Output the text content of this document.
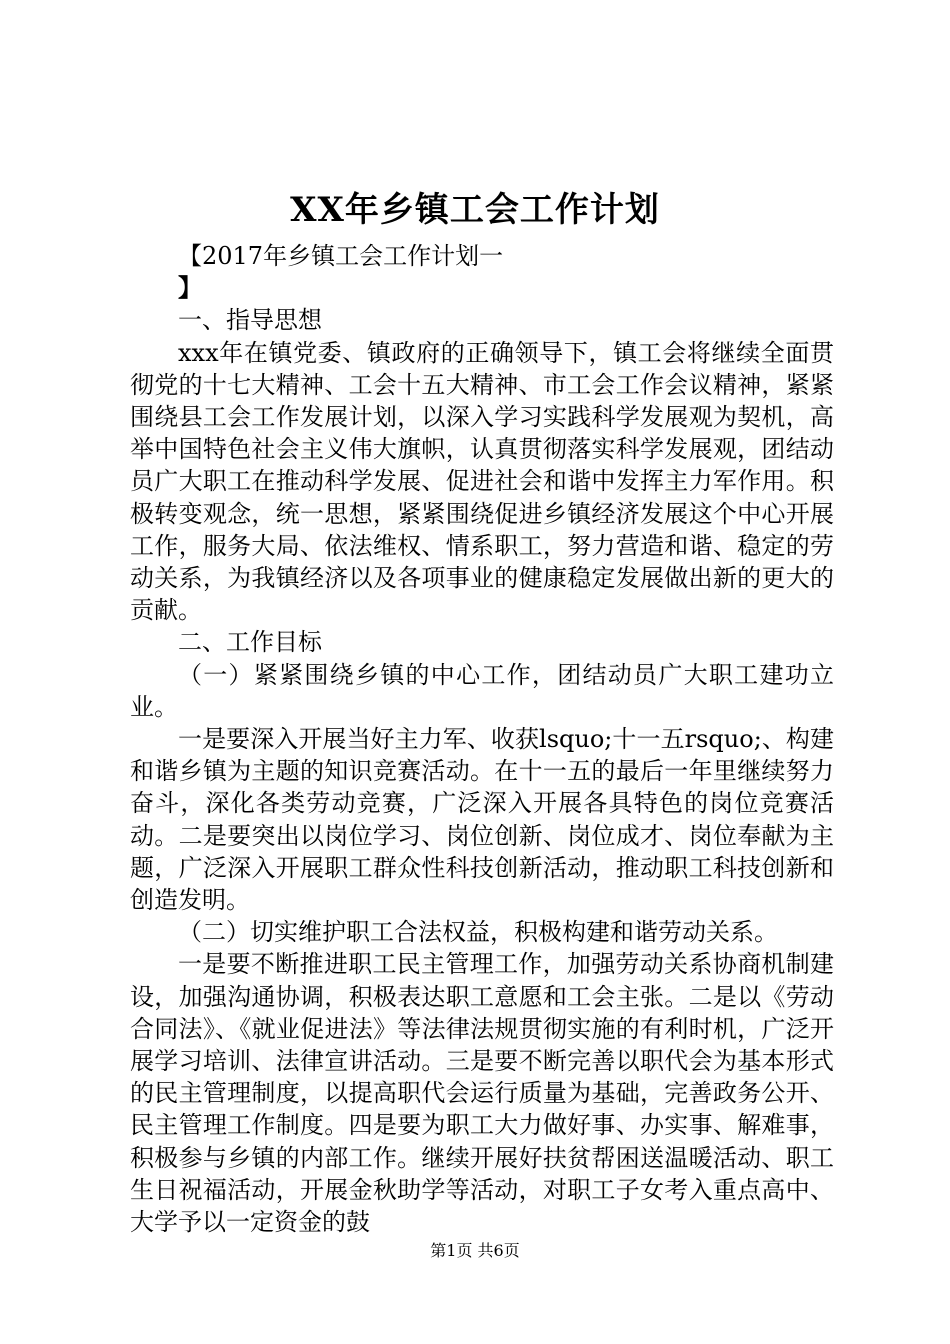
XX年乡镇工会工作计划

【2017年乡镇工会工作计划一

】

一、指导思想

xxx年在镇党委、镇政府的正确领导下，镇工会将继续全面贯彻党的十七大精神、工会十五大精神、市工会工作会议精神，紧紧围绕县工会工作发展计划，以深入学习实践科学发展观为契机，高举中国特色社会主义伟大旗帜，认真贯彻落实科学发展观，团结动员广大职工在推动科学发展、促进社会和谐中发挥主力军作用。积极转变观念，统一思想，紧紧围绕促进乡镇经济发展这个中心开展工作，服务大局、依法维权、情系职工，努力营造和谐、稳定的劳动关系，为我镇经济以及各项事业的健康稳定发展做出新的更大的贡献。

二、工作目标

（一）紧紧围绕乡镇的中心工作，团结动员广大职工建功立业。

一是要深入开展当好主力军、收获lsquo;十一五rsquo;、构建和谐乡镇为主题的知识竞赛活动。在十一五的最后一年里继续努力奋斗，深化各类劳动竞赛，广泛深入开展各具特色的岗位竞赛活动。二是要突出以岗位学习、岗位创新、岗位成才、岗位奉献为主题，广泛深入开展职工群众性科技创新活动，推动职工科技创新和创造发明。

（二）切实维护职工合法权益，积极构建和谐劳动关系。

一是要不断推进职工民主管理工作，加强劳动关系协商机制建设，加强沟通协调，积极表达职工意愿和工会主张。二是以《劳动合同法》、《就业促进法》等法律法规贯彻实施的有利时机，广泛开展学习培训、法律宣讲活动。三是要不断完善以职代会为基本形式的民主管理制度，以提高职代会运行质量为基础，完善政务公开、民主管理工作制度。四是要为职工大力做好事、办实事、解难事，积极参与乡镇的内部工作。继续开展好扶贫帮困送温暖活动、职工生日祝福活动，开展金秋助学等活动，对职工子女考入重点高中、大学予以一定资金的鼓

第1页 共6页
